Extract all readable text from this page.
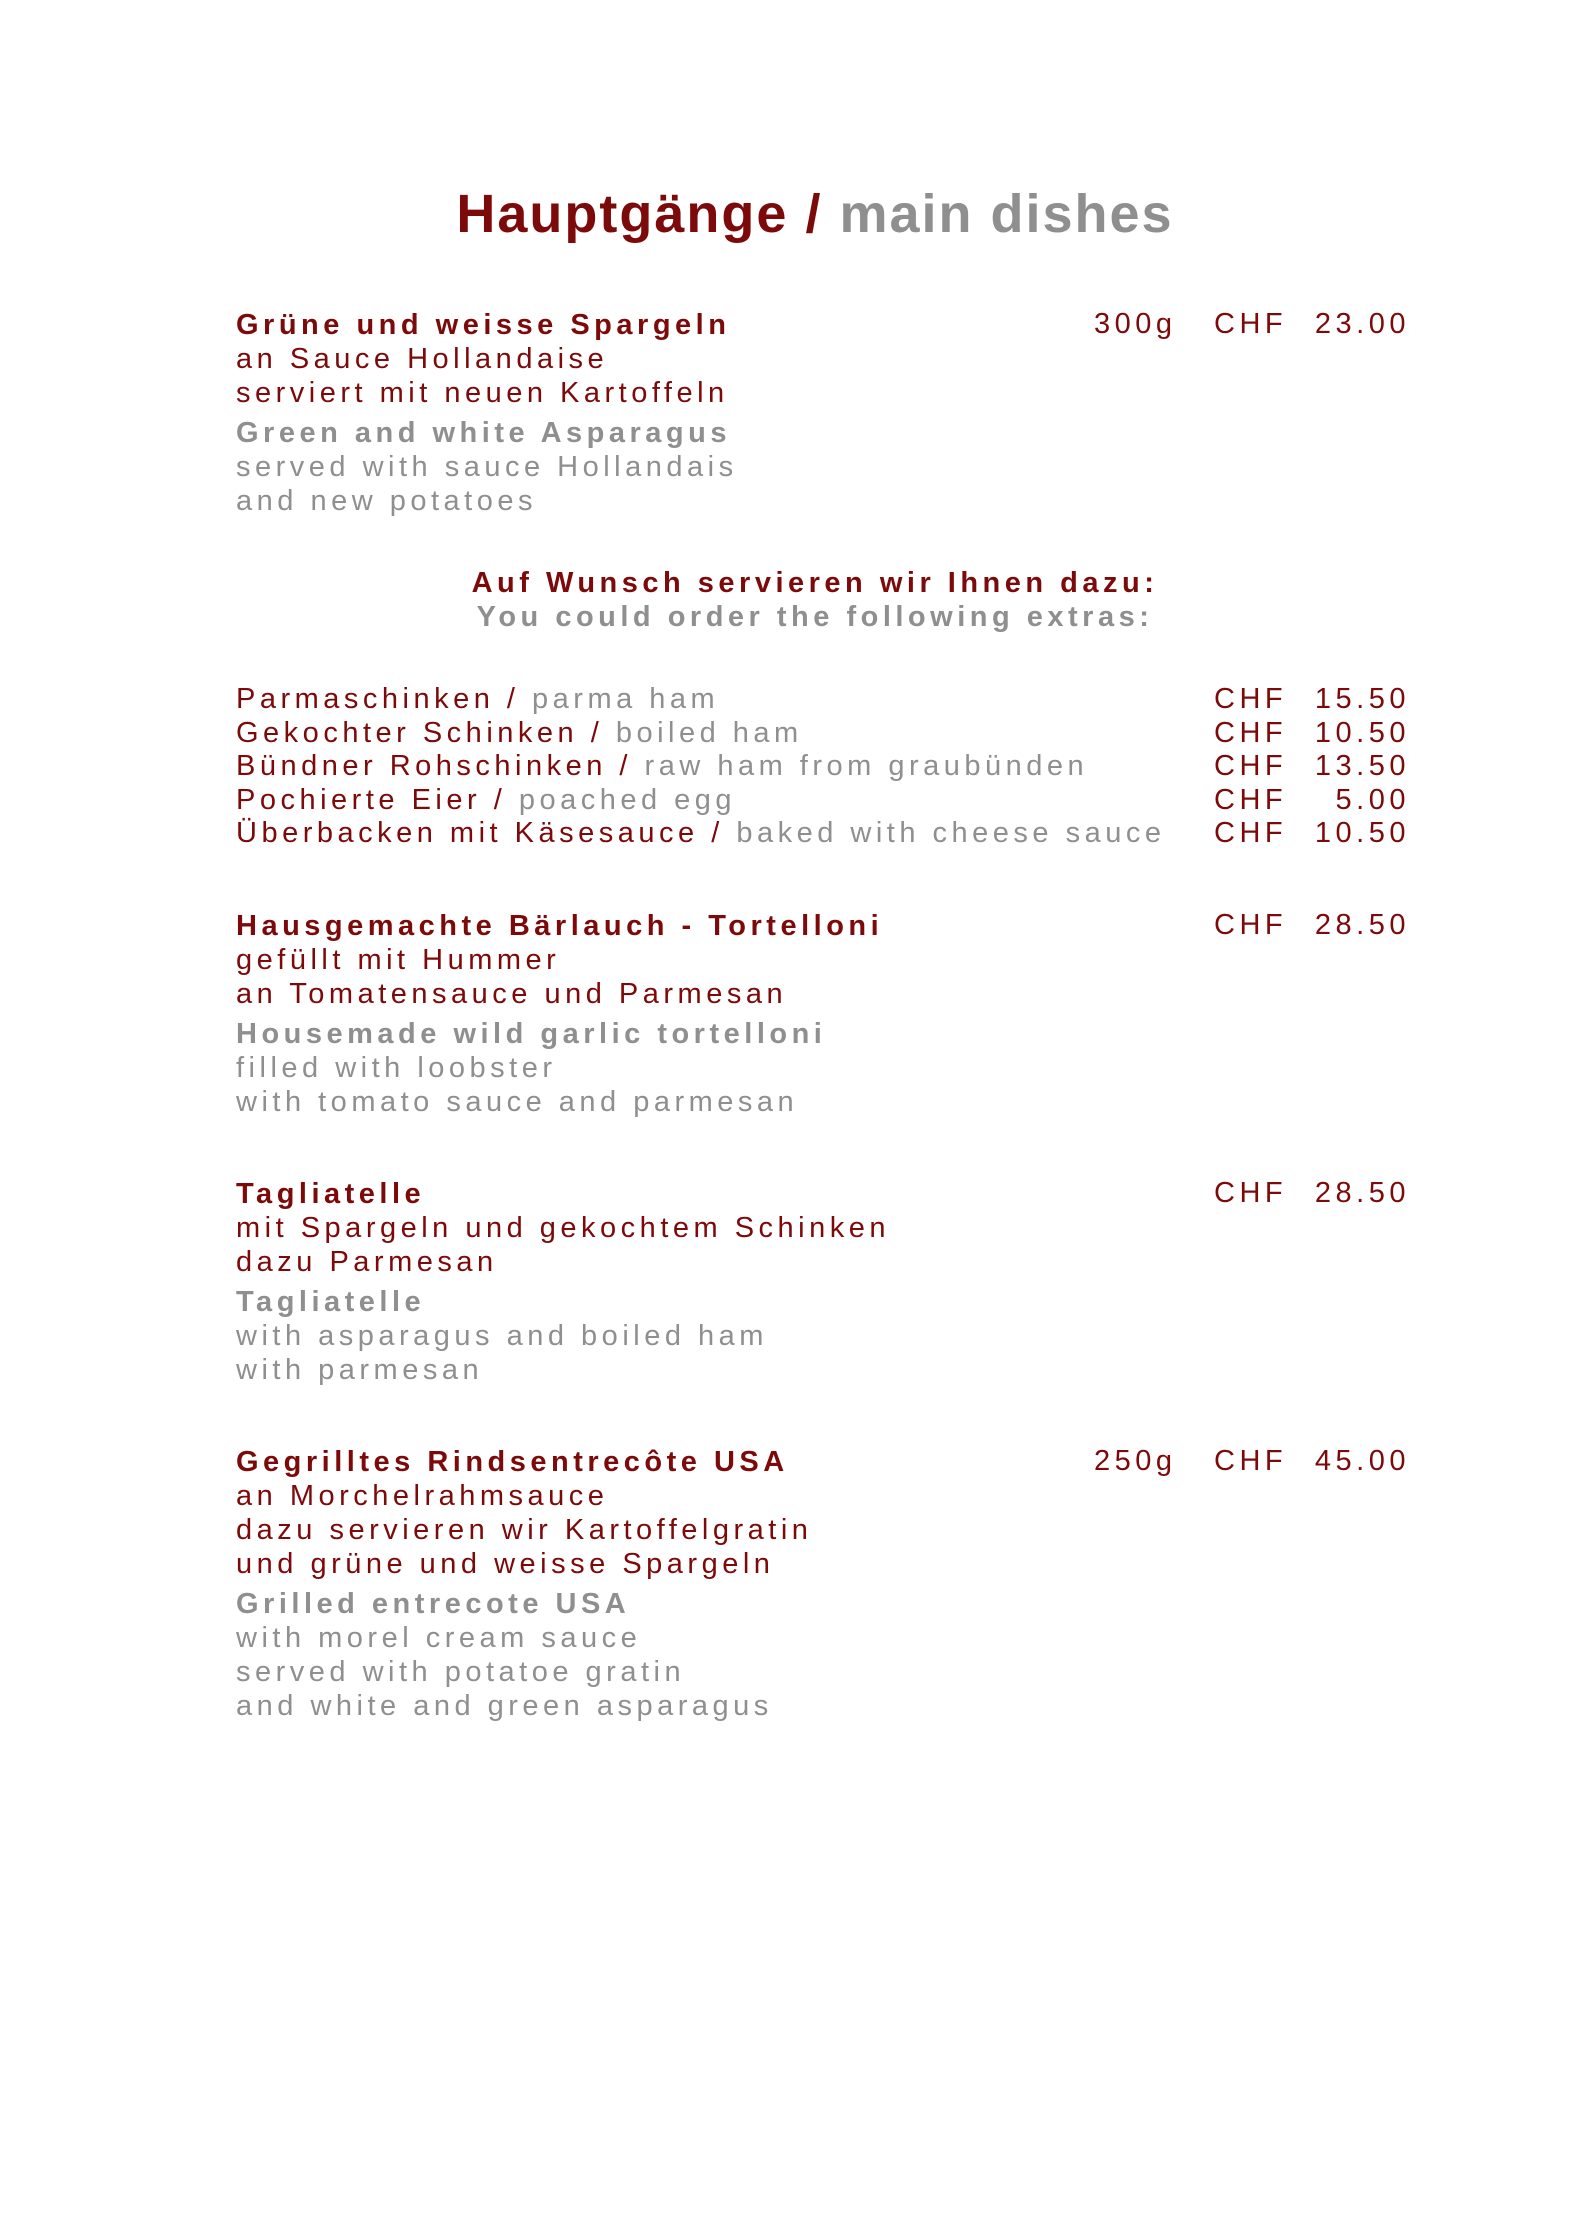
Hauptgänge / main dishes
Grüne und weisse Spargeln
an Sauce Hollandaise
serviert mit neuen Kartoffeln
Green and white Asparagus
served with sauce Hollandais
and new potatoes
300g CHF 23.00
Auf Wunsch servieren wir Ihnen dazu:
You could order the following extras:
Parmaschinken / parma ham	CHF 15.50
Gekochter Schinken / boiled ham	CHF 10.50
Bündner Rohschinken / raw ham from graubünden	CHF 13.50
Pochierte Eier / poached egg	CHF	5.00
Überbacken mit Käsesauce / baked with cheese sauce CHF 10.50
Hausgemachte Bärlauch - Tortelloni
gefüllt mit Hummer
an Tomatensauce und Parmesan
Housemade wild garlic tortelloni
filled with loobster
with tomato sauce and parmesan
CHF 28.50
Tagliatelle
mit Spargeln und gekochtem Schinken
dazu Parmesan
Tagliatelle
with asparagus and boiled ham
with parmesan
CHF 28.50
Gegrilltes Rindsentrecôte USA
an Morchelrahmsauce
dazu servieren wir Kartoffelgratin
und grüne und weisse Spargeln
Grilled entrecote USA
with morel cream sauce
served with potatoe gratin
and white and green asparagus
250g CHF 45.00
